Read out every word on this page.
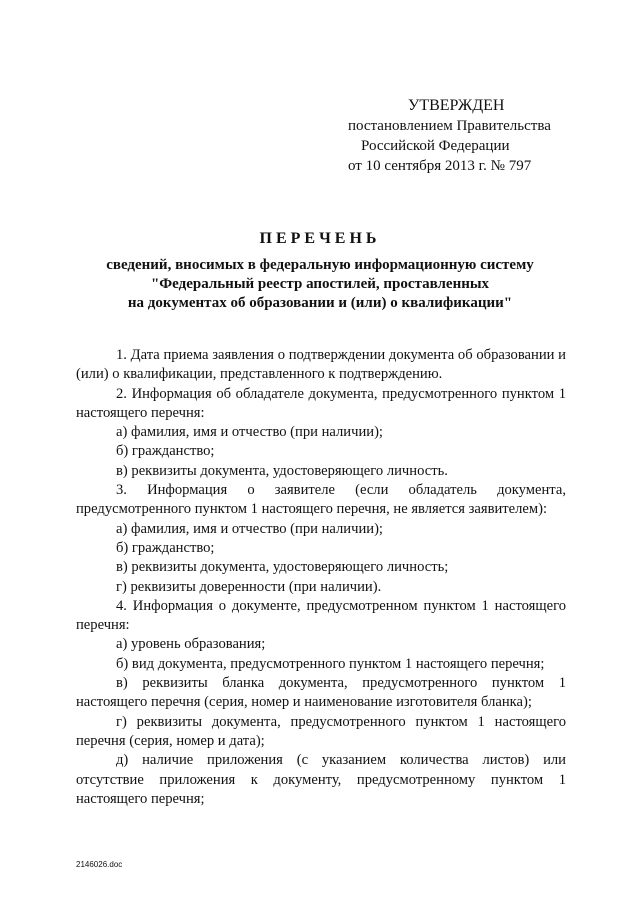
УТВЕРЖДЕН
постановлением Правительства
Российской Федерации
от 10 сентября 2013 г. № 797
ПЕРЕЧЕНЬ
сведений, вносимых в федеральную информационную систему
"Федеральный реестр апостилей, проставленных
на документах об образовании и (или) о квалификации"

1. Дата приема заявления о подтверждении документа об образовании и (или) о квалификации, представленного к подтверждению.

2. Информация об обладателе документа, предусмотренного пунктом 1 настоящего перечня:

а) фамилия, имя и отчество (при наличии);

б) гражданство;

в) реквизиты документа, удостоверяющего личность.

3. Информация о заявителе (если обладатель документа, предусмотренного пунктом 1 настоящего перечня, не является заявителем):

а) фамилия, имя и отчество (при наличии);

б) гражданство;

в) реквизиты документа, удостоверяющего личность;

г) реквизиты доверенности (при наличии).

4. Информация о документе, предусмотренном пунктом 1 настоящего перечня:

а) уровень образования;

б) вид документа, предусмотренного пунктом 1 настоящего перечня;

в) реквизиты бланка документа, предусмотренного пунктом 1 настоящего перечня (серия, номер и наименование изготовителя бланка);

г) реквизиты документа, предусмотренного пунктом 1 настоящего перечня (серия, номер и дата);

д) наличие приложения (с указанием количества листов) или отсутствие приложения к документу, предусмотренному пунктом 1 настоящего перечня;

2146026.doc
